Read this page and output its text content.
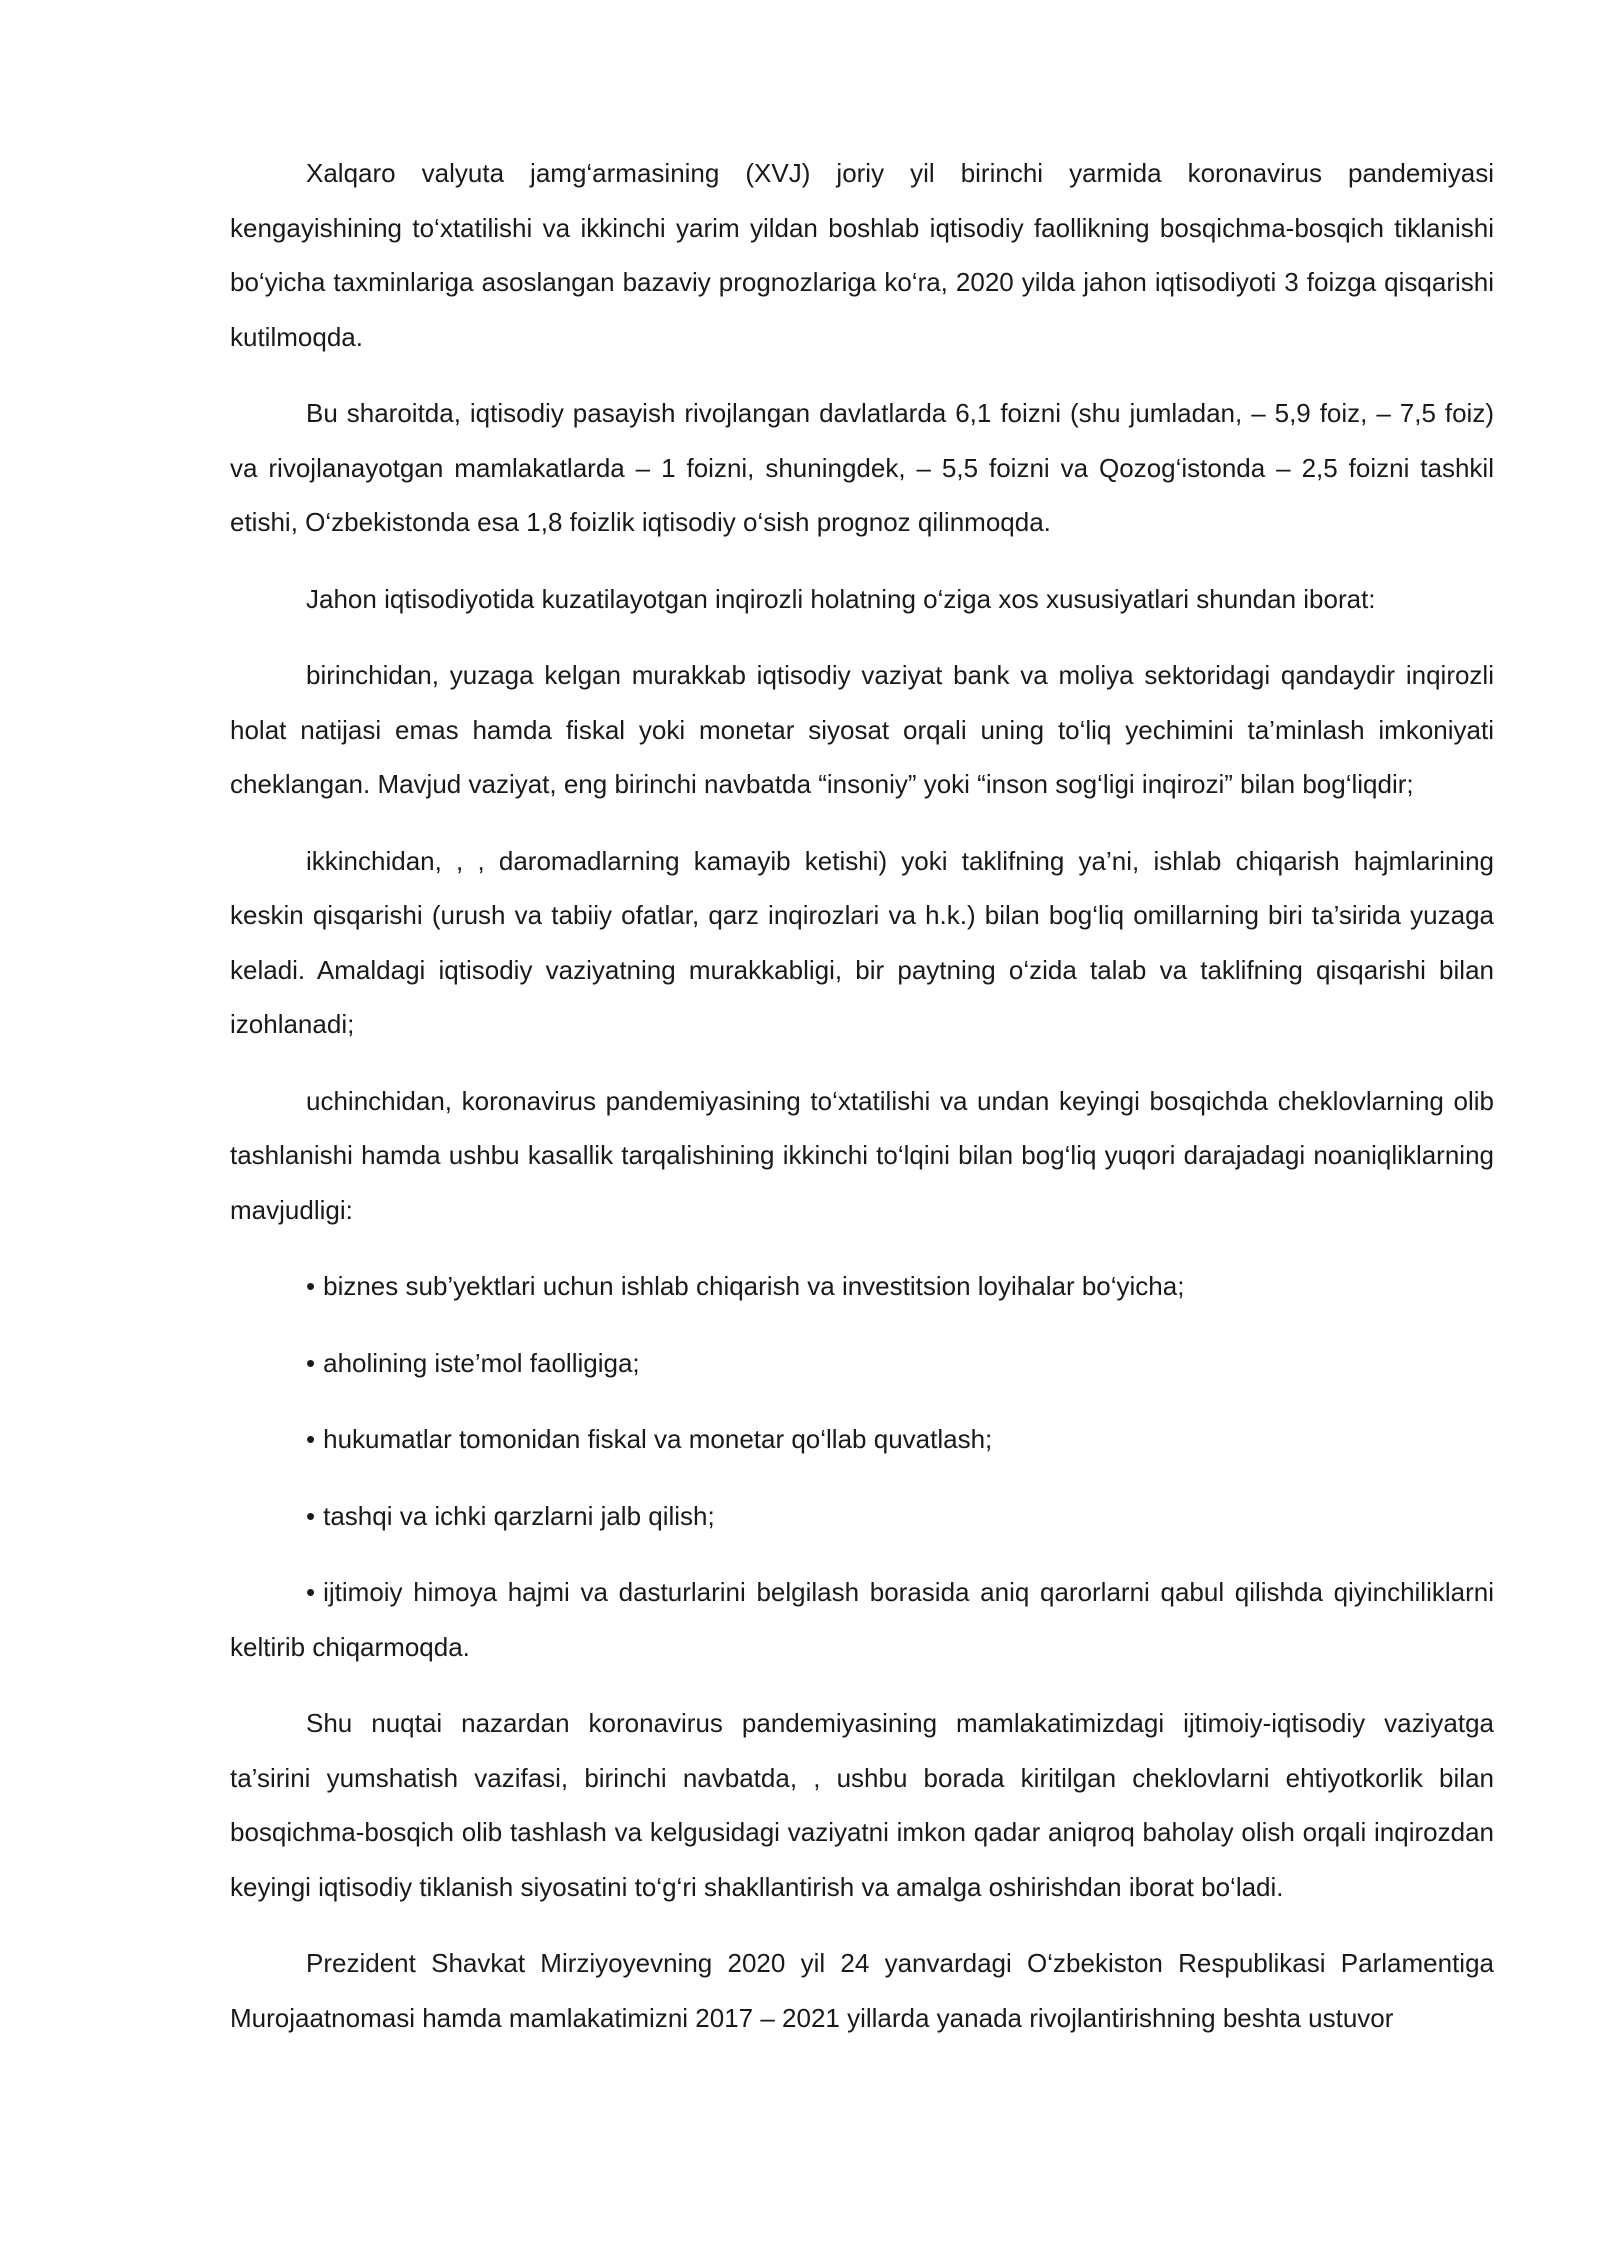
Xalqaro valyuta jamg‘armasining (XVJ) joriy yil birinchi yarmida koronavirus pandemiyasi kengayishining to‘xtatilishi va ikkinchi yarim yildan boshlab iqtisodiy faollikning bosqichma-bosqich tiklanishi bo‘yicha taxminlariga asoslangan bazaviy prognozlariga ko‘ra, 2020 yilda jahon iqtisodiyoti 3 foizga qisqarishi kutilmoqda.

Bu sharoitda, iqtisodiy pasayish rivojlangan davlatlarda 6,1 foizni (shu jumladan, – 5,9 foiz, – 7,5 foiz) va rivojlanayotgan mamlakatlarda – 1 foizni, shuningdek, – 5,5 foizni va Qozog‘istonda – 2,5 foizni tashkil etishi, O‘zbekistonda esa 1,8 foizlik iqtisodiy o‘sish prognoz qilinmoqda.

Jahon iqtisodiyotida kuzatilayotgan inqirozli holatning o‘ziga xos xususiyatlari shundan iborat:

birinchidan, yuzaga kelgan murakkab iqtisodiy vaziyat bank va moliya sektoridagi qandaydir inqirozli holat natijasi emas hamda fiskal yoki monetar siyosat orqali uning to‘liq yechimini ta’minlash imkoniyati cheklangan. Mavjud vaziyat, eng birinchi navbatda “insoniy” yoki “inson sog‘ligi inqirozi” bilan bog‘liqdir;

ikkinchidan, , , daromadlarning kamayib ketishi) yoki taklifning ya’ni, ishlab chiqarish hajmlarining keskin qisqarishi (urush va tabiiy ofatlar, qarz inqirozlari va h.k.) bilan bog‘liq omillarning biri ta’sirida yuzaga keladi. Amaldagi iqtisodiy vaziyatning murakkabligi, bir paytning o‘zida talab va taklifning qisqarishi bilan izohlanadi;

uchinchidan, koronavirus pandemiyasining to‘xtatilishi va undan keyingi bosqichda cheklovlarning olib tashlanishi hamda ushbu kasallik tarqalishining ikkinchi to‘lqini bilan bog‘liq yuqori darajadagi noaniqliklarning mavjudligi:

• biznes sub’yektlari uchun ishlab chiqarish va investitsion loyihalar bo‘yicha;

• aholining iste’mol faolligiga;

• hukumatlar tomonidan fiskal va monetar qo‘llab quvatlash;

• tashqi va ichki qarzlarni jalb qilish;

• ijtimoiy himoya hajmi va dasturlarini belgilash borasida aniq qarorlarni qabul qilishda qiyinchiliklarni keltirib chiqarmoqda.

Shu nuqtai nazardan koronavirus pandemiyasining mamlakatimizdagi ijtimoiy-iqtisodiy vaziyatga ta’sirini yumshatish vazifasi, birinchi navbatda, , ushbu borada kiritilgan cheklovlarni ehtiyotkorlik bilan bosqichma-bosqich olib tashlash va kelgusidagi vaziyatni imkon qadar aniqroq baholay olish orqali inqirozdan keyingi iqtisodiy tiklanish siyosatini to‘g‘ri shakllantirish va amalga oshirishdan iborat bo‘ladi.

Prezident Shavkat Mirziyoyevning 2020 yil 24 yanvardagi O‘zbekiston Respublikasi Parlamentiga Murojaatnomasi hamda mamlakatimizni 2017 – 2021 yillarda yanada rivojlantirishning beshta ustuvor
